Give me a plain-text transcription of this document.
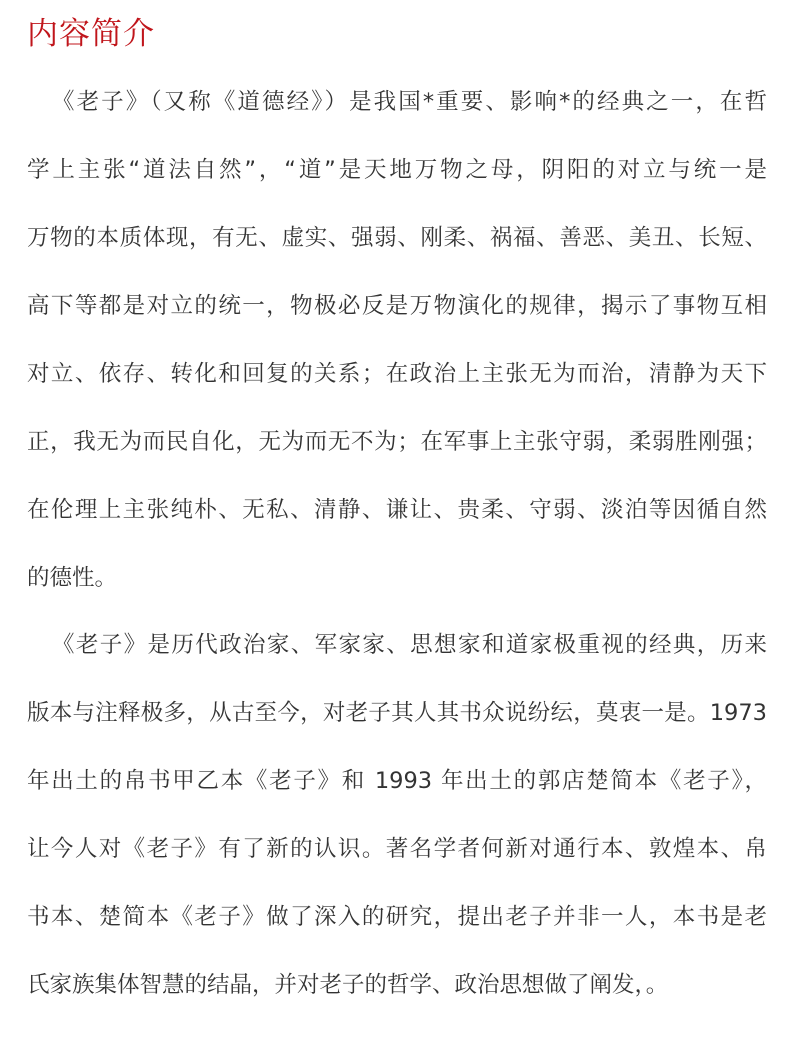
内容简介
《老子》（又称《道德经》）是我国*重要、影响*的经典之一，在哲
学上主张“道法自然”，“道”是天地万物之母，阴阳的对立与统一是
万物的本质体现，有无、虚实、强弱、刚柔、祸福、善恶、美丑、长短、
高下等都是对立的统一，物极必反是万物演化的规律，揭示了事物互相
对立、依存、转化和回复的关系；在政治上主张无为而治，清静为天下
正，我无为而民自化，无为而无不为；在军事上主张守弱，柔弱胜刚强；
在伦理上主张纯朴、无私、清静、谦让、贵柔、守弱、淡泊等因循自然
的德性。
《老子》是历代政治家、军家家、思想家和道家极重视的经典，历来
版本与注释极多，从古至今，对老子其人其书众说纷纭，莫衷一是。1973
年出土的帛书甲乙本《老子》和 1993 年出土的郭店楚简本《老子》，
让今人对《老子》有了新的认识。著名学者何新对通行本、敦煌本、帛
书本、楚简本《老子》做了深入的研究，提出老子并非一人，本书是老
氏家族集体智慧的结晶，并对老子的哲学、政治思想做了阐发，。
